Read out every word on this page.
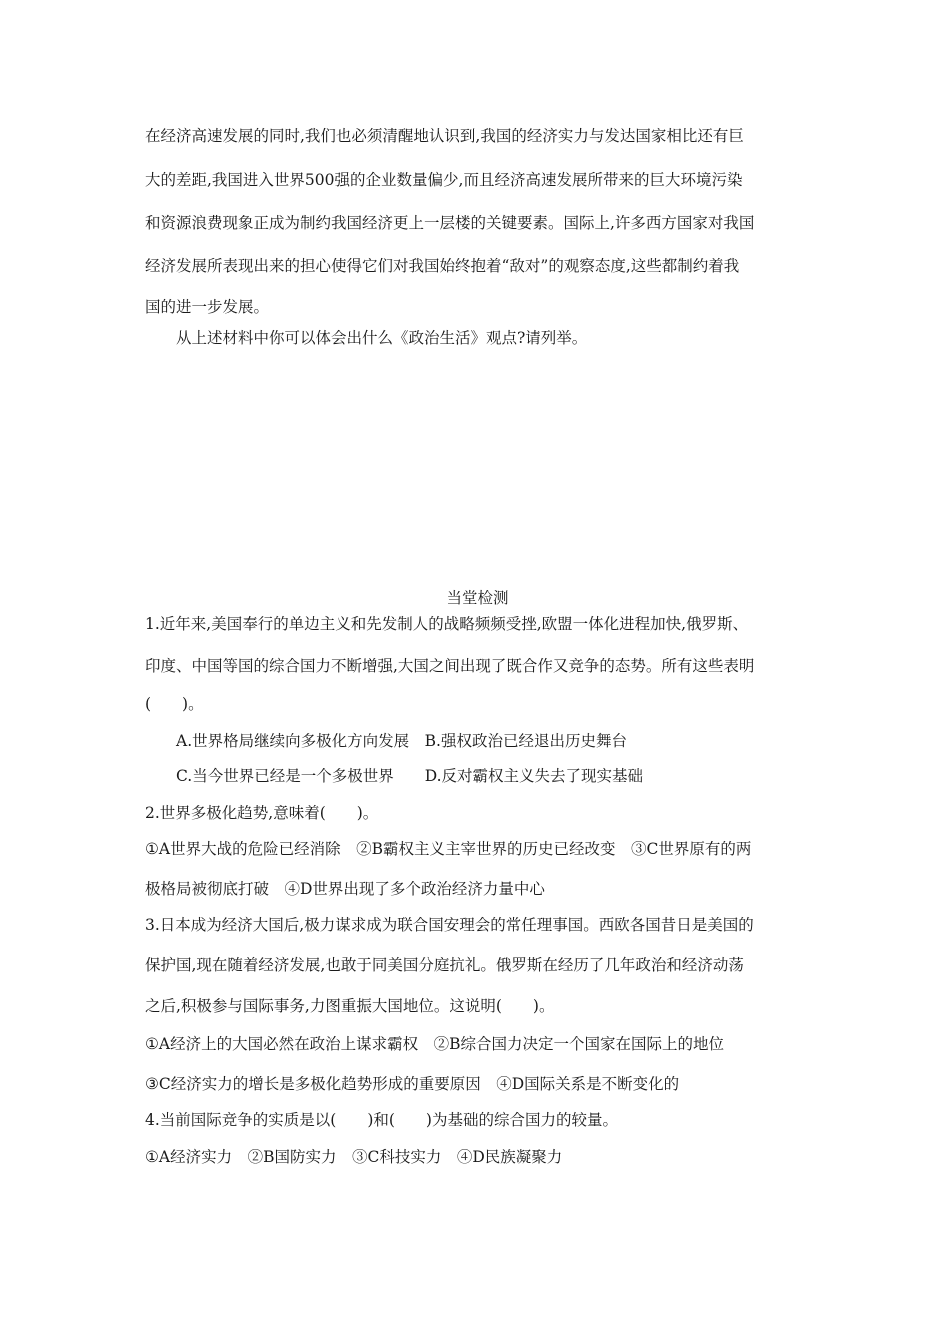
在经济高速发展的同时,我们也必须清醒地认识到,我国的经济实力与发达国家相比还有巨
大的差距,我国进入世界500强的企业数量偏少,而且经济高速发展所带来的巨大环境污染
和资源浪费现象正成为制约我国经济更上一层楼的关键要素。国际上,许多西方国家对我国
经济发展所表现出来的担心使得它们对我国始终抱着“敌对”的观察态度,这些都制约着我
国的进一步发展。
从上述材料中你可以体会出什么《政治生活》观点?请列举。
当堂检测
1.近年来,美国奉行的单边主义和先发制人的战略频频受挫,欧盟一体化进程加快,俄罗斯、
印度、中国等国的综合国力不断增强,大国之间出现了既合作又竞争的态势。所有这些表明
(　　)。
A.世界格局继续向多极化方向发展　B.强权政治已经退出历史舞台
C.当今世界已经是一个多极世界　　D.反对霸权主义失去了现实基础
2.世界多极化趋势,意味着(　　)。
①A世界大战的危险已经消除　②B霸权主义主宰世界的历史已经改变　③C世界原有的两
极格局被彻底打破　④D世界出现了多个政治经济力量中心
3.日本成为经济大国后,极力谋求成为联合国安理会的常任理事国。西欧各国昔日是美国的
保护国,现在随着经济发展,也敢于同美国分庭抗礼。俄罗斯在经历了几年政治和经济动荡
之后,积极参与国际事务,力图重振大国地位。这说明(　　)。
①A经济上的大国必然在政治上谋求霸权　②B综合国力决定一个国家在国际上的地位
③C经济实力的增长是多极化趋势形成的重要原因　④D国际关系是不断变化的
4.当前国际竞争的实质是以(　　)和(　　)为基础的综合国力的较量。
①A经济实力　②B国防实力　③C科技实力　④D民族凝聚力
